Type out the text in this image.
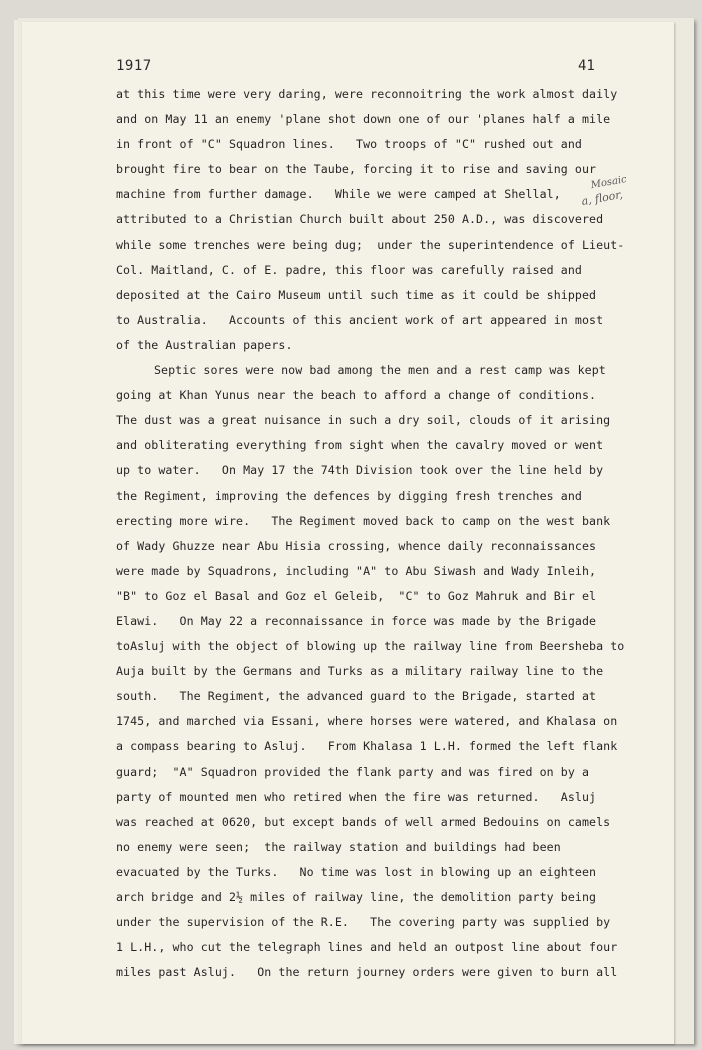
1917	41
Mosaic
a, floor,
at this time were very daring, were reconnoitring the work almost daily
and on May 11 an enemy 'plane shot down one of our 'planes half a mile
in front of "C" Squadron lines.   Two troops of "C" rushed out and
brought fire to bear on the Taube, forcing it to rise and saving our
machine from further damage.   While we were camped at Shellal,
attributed to a Christian Church built about 250 A.D., was discovered
while some trenches were being dug;  under the superintendence of Lieut-
Col. Maitland, C. of E. padre, this floor was carefully raised and
deposited at the Cairo Museum until such time as it could be shipped
to Australia.   Accounts of this ancient work of art appeared in most
of the Australian papers.
Septic sores were now bad among the men and a rest camp was kept
going at Khan Yunus near the beach to afford a change of conditions.
The dust was a great nuisance in such a dry soil, clouds of it arising
and obliterating everything from sight when the cavalry moved or went
up to water.   On May 17 the 74th Division took over the line held by
the Regiment, improving the defences by digging fresh trenches and
erecting more wire.   The Regiment moved back to camp on the west bank
of Wady Ghuzze near Abu Hisia crossing, whence daily reconnaissances
were made by Squadrons, including "A" to Abu Siwash and Wady Inleih,
"B" to Goz el Basal and Goz el Geleib,  "C" to Goz Mahruk and Bir el
Elawi.   On May 22 a reconnaissance in force was made by the Brigade
toAsluj with the object of blowing up the railway line from Beersheba to
Auja built by the Germans and Turks as a military railway line to the
south.   The Regiment, the advanced guard to the Brigade, started at
1745, and marched via Essani, where horses were watered, and Khalasa on
a compass bearing to Asluj.   From Khalasa 1 L.H. formed the left flank
guard;  "A" Squadron provided the flank party and was fired on by a
party of mounted men who retired when the fire was returned.   Asluj
was reached at 0620, but except bands of well armed Bedouins on camels
no enemy were seen;  the railway station and buildings had been
evacuated by the Turks.   No time was lost in blowing up an eighteen
arch bridge and 2½ miles of railway line, the demolition party being
under the supervision of the R.E.   The covering party was supplied by
1 L.H., who cut the telegraph lines and held an outpost line about four
miles past Asluj.   On the return journey orders were given to burn all
